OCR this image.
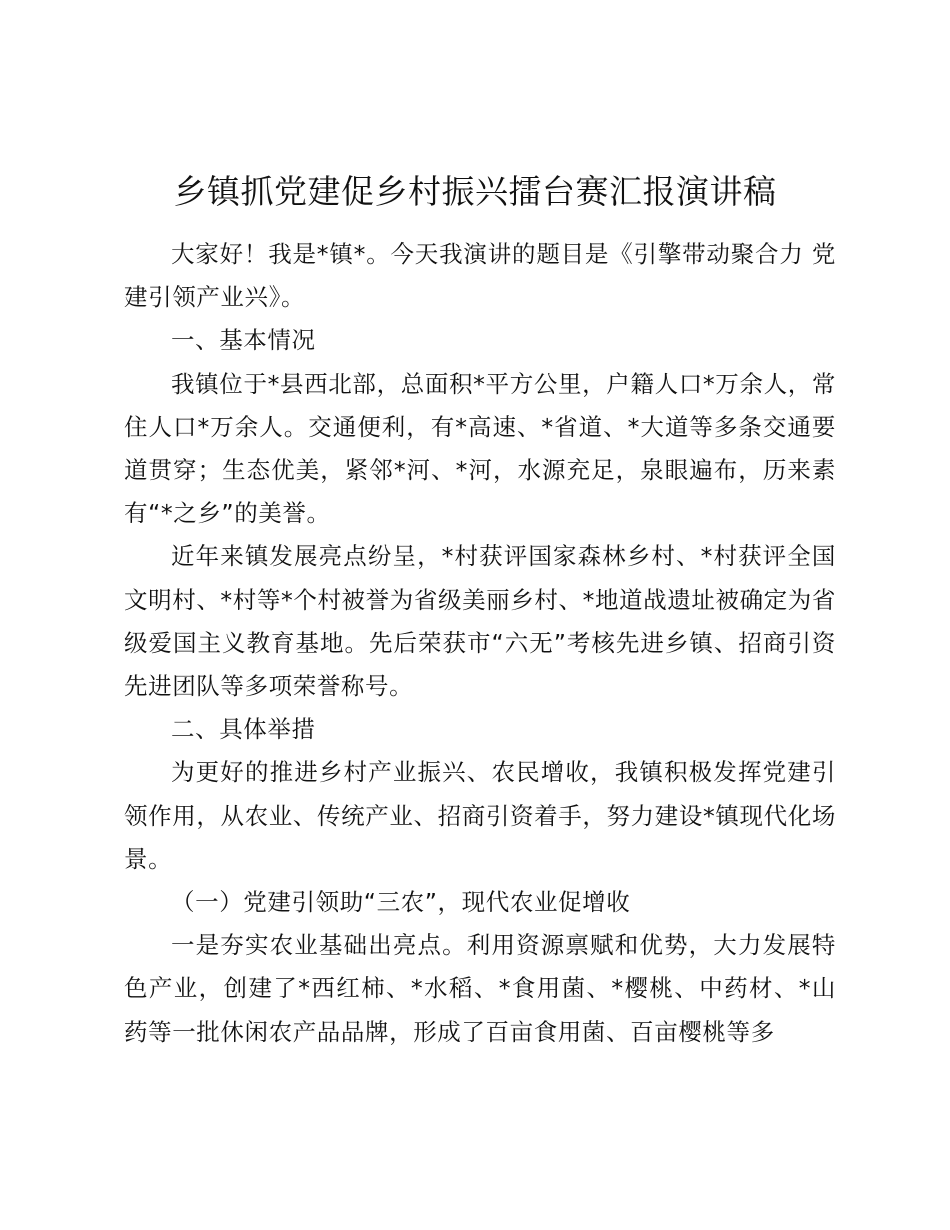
乡镇抓党建促乡村振兴擂台赛汇报演讲稿

大家好！我是*镇*。今天我演讲的题目是《引擎带动聚合力 党建引领产业兴》。

一、基本情况

我镇位于*县西北部，总面积*平方公里，户籍人口*万余人，常住人口*万余人。交通便利，有*高速、*省道、*大道等多条交通要道贯穿；生态优美，紧邻*河、*河，水源充足，泉眼遍布，历来素有“*之乡”的美誉。

近年来镇发展亮点纷呈，*村获评国家森林乡村、*村获评全国文明村、*村等*个村被誉为省级美丽乡村、*地道战遗址被确定为省级爱国主义教育基地。先后荣获市“六无”考核先进乡镇、招商引资先进团队等多项荣誉称号。

二、具体举措

为更好的推进乡村产业振兴、农民增收，我镇积极发挥党建引领作用，从农业、传统产业、招商引资着手，努力建设*镇现代化场景。

（一）党建引领助“三农”，现代农业促增收

一是夯实农业基础出亮点。利用资源禀赋和优势，大力发展特色产业，创建了*西红柿、*水稻、*食用菌、*樱桃、中药材、*山药等一批休闲农产品品牌，形成了百亩食用菌、百亩樱桃等多
